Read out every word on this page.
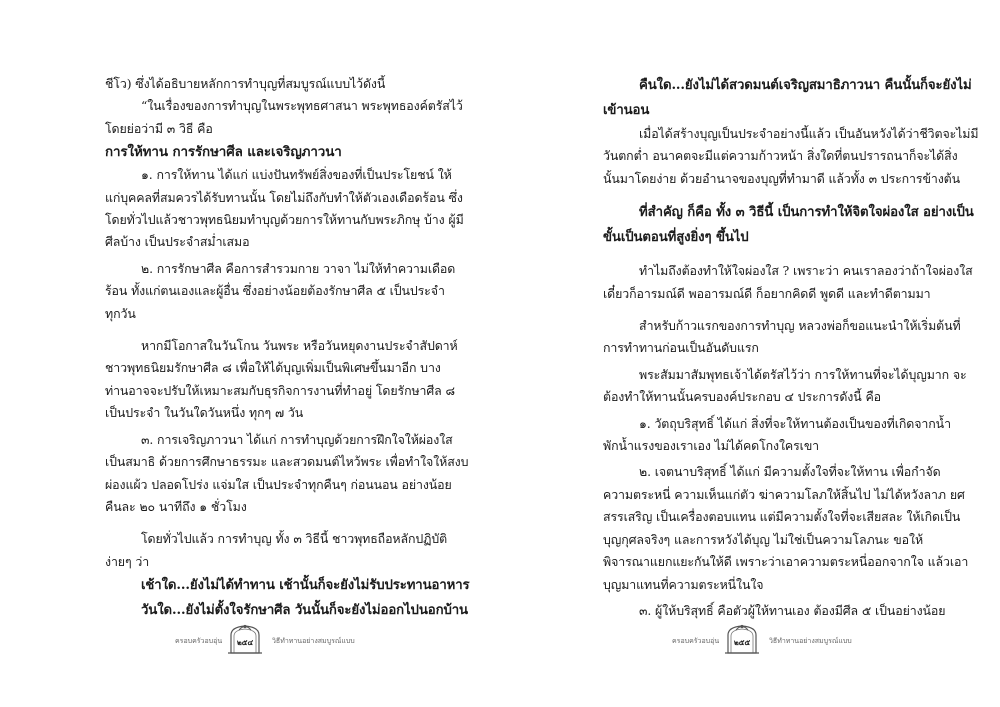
ชีโว) ซึ่งได้อธิบายหลักการทำบุญที่สมบูรณ์แบบไว้ดังนี้
“ในเรื่องของการทำบุญในพระพุทธศาสนา พระพุทธองค์ตรัสไว้
โดยย่อว่ามี ๓ วิธี คือ
การให้ทาน การรักษาศีล และเจริญภาวนา
๑. การให้ทาน ได้แก่ แบ่งปันทรัพย์สิ่งของที่เป็นประโยชน์ ให้
แก่บุคคลที่สมควรได้รับทานนั้น โดยไม่ถึงกับทำให้ตัวเองเดือดร้อน ซึ่ง
โดยทั่วไปแล้วชาวพุทธนิยมทำบุญด้วยการให้ทานกับพระภิกษุ บ้าง ผู้มี
ศีลบ้าง เป็นประจำสม่ำเสมอ
๒. การรักษาศีล คือการสำรวมกาย วาจา ไม่ให้ทำความเดือด
ร้อน ทั้งแก่ตนเองและผู้อื่น ซึ่งอย่างน้อยต้องรักษาศีล ๕ เป็นประจำ
ทุกวัน
หากมีโอกาสในวันโกน วันพระ หรือวันหยุดงานประจำสัปดาห์
ชาวพุทธนิยมรักษาศีล ๘ เพื่อให้ได้บุญเพิ่มเป็นพิเศษขึ้นมาอีก บาง
ท่านอาจจะปรับให้เหมาะสมกับธุรกิจการงานที่ทำอยู่ โดยรักษาศีล ๘
เป็นประจำ ในวันใดวันหนึ่ง ทุกๆ ๗ วัน
๓. การเจริญภาวนา ได้แก่ การทำบุญด้วยการฝึกใจให้ผ่องใส
เป็นสมาธิ ด้วยการศึกษาธรรมะ และสวดมนต์ไหว้พระ เพื่อทำใจให้สงบ
ผ่องแผ้ว ปลอดโปร่ง แจ่มใส เป็นประจำทุกคืนๆ ก่อนนอน อย่างน้อย
คืนละ ๒๐ นาทีถึง ๑ ชั่วโมง
โดยทั่วไปแล้ว การทำบุญ ทั้ง ๓ วิธีนี้ ชาวพุทธถือหลักปฏิบัติ
ง่ายๆ ว่า
เช้าใด...ยังไม่ได้ทำทาน เช้านั้นก็จะยังไม่รับประทานอาหาร
วันใด...ยังไม่ตั้งใจรักษาศีล วันนั้นก็จะยังไม่ออกไปนอกบ้าน
ครอบครัวอบอุ่น ๒๕๔	วิธีทำทานอย่างสมบูรณ์แบบ
คืนใด...ยังไม่ได้สวดมนต์เจริญสมาธิภาวนา คืนนั้นก็จะยังไม่
เข้านอน
เมื่อได้สร้างบุญเป็นประจำอย่างนี้แล้ว เป็นอันหวังได้ว่าชีวิตจะไม่มี
วันตกต่ำ อนาคตจะมีแต่ความก้าวหน้า สิ่งใดที่ตนปรารถนาก็จะได้สิ่ง
นั้นมาโดยง่าย ด้วยอำนาจของบุญที่ทำมาดี แล้วทั้ง ๓ ประการข้างต้น
ที่สำคัญ ก็คือ ทั้ง ๓ วิธีนี้ เป็นการทำให้จิตใจผ่องใส อย่างเป็น
ขั้นเป็นตอนที่สูงยิ่งๆ ขึ้นไป
ทำไมถึงต้องทำให้ใจผ่องใส ? เพราะว่า คนเราลองว่าถ้าใจผ่องใส
เดี๋ยวก็อารมณ์ดี พออารมณ์ดี ก็อยากคิดดี พูดดี และทำดีตามมา
สำหรับก้าวแรกของการทำบุญ หลวงพ่อก็ขอแนะนำให้เริ่มต้นที่
การทำทานก่อนเป็นอันดับแรก
พระสัมมาสัมพุทธเจ้าได้ตรัสไว้ว่า การให้ทานที่จะได้บุญมาก จะ
ต้องทำให้ทานนั้นครบองค์ประกอบ ๔ ประการดังนี้ คือ
๑. วัตถุบริสุทธิ์ ได้แก่ สิ่งที่จะให้ทานต้องเป็นของที่เกิดจากน้ำ
พักน้ำแรงของเราเอง ไม่ได้คดโกงใครเขา
๒. เจตนาบริสุทธิ์ ได้แก่ มีความตั้งใจที่จะให้ทาน เพื่อกำจัด
ความตระหนี่ ความเห็นแก่ตัว ฆ่าความโลภให้สิ้นไป ไม่ได้หวังลาภ ยศ
สรรเสริญ เป็นเครื่องตอบแทน แต่มีความตั้งใจที่จะเสียสละ ให้เกิดเป็น
บุญกุศลจริงๆ และการหวังได้บุญ ไม่ใช่เป็นความโลภนะ ขอให้
พิจารณาแยกแยะกันให้ดี เพราะว่าเอาความตระหนี่ออกจากใจ แล้วเอา
บุญมาแทนที่ความตระหนี่ในใจ
๓. ผู้ให้บริสุทธิ์ คือตัวผู้ให้ทานเอง ต้องมีศีล ๕ เป็นอย่างน้อย
ครอบครัวอบอุ่น ๒๕๕	วิธีทำทานอย่างสมบูรณ์แบบ
